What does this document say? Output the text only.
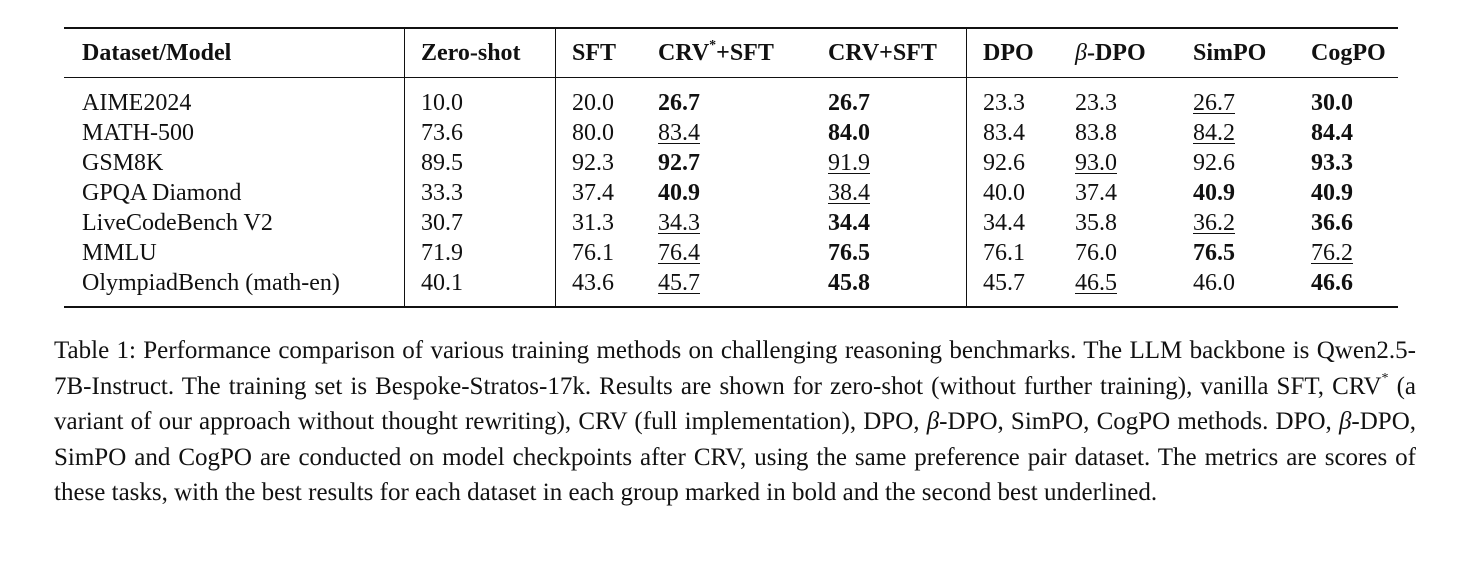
Dataset/Model	Zero-shot	SFT	CRV*+SFT	CRV+SFT	DPO	β-DPO	SimPO	CogPO
AIME2024	10.0	20.0	26.7	26.7	23.3	23.3	26.7	30.0
MATH-500	73.6	80.0	83.4	84.0	83.4	83.8	84.2	84.4
GSM8K	89.5	92.3	92.7	91.9	92.6	93.0	92.6	93.3
GPQA Diamond	33.3	37.4	40.9	38.4	40.0	37.4	40.9	40.9
LiveCodeBench V2	30.7	31.3	34.3	34.4	34.4	35.8	36.2	36.6
MMLU	71.9	76.1	76.4	76.5	76.1	76.0	76.5	76.2
OlympiadBench (math-en)	40.1	43.6	45.7	45.8	45.7	46.5	46.0	46.6

Table 1: Performance comparison of various training methods on challenging reasoning benchmarks. The LLM backbone is Qwen2.5-7B-Instruct. The training set is Bespoke-Stratos-17k. Results are shown for zero-shot (without further training), vanilla SFT, CRV* (a variant of our approach without thought rewriting), CRV (full implementation), DPO, β-DPO, SimPO, CogPO methods. DPO, β-DPO, SimPO and CogPO are conducted on model checkpoints after CRV, using the same preference pair dataset. The metrics are scores of these tasks, with the best results for each dataset in each group marked in bold and the second best underlined.
